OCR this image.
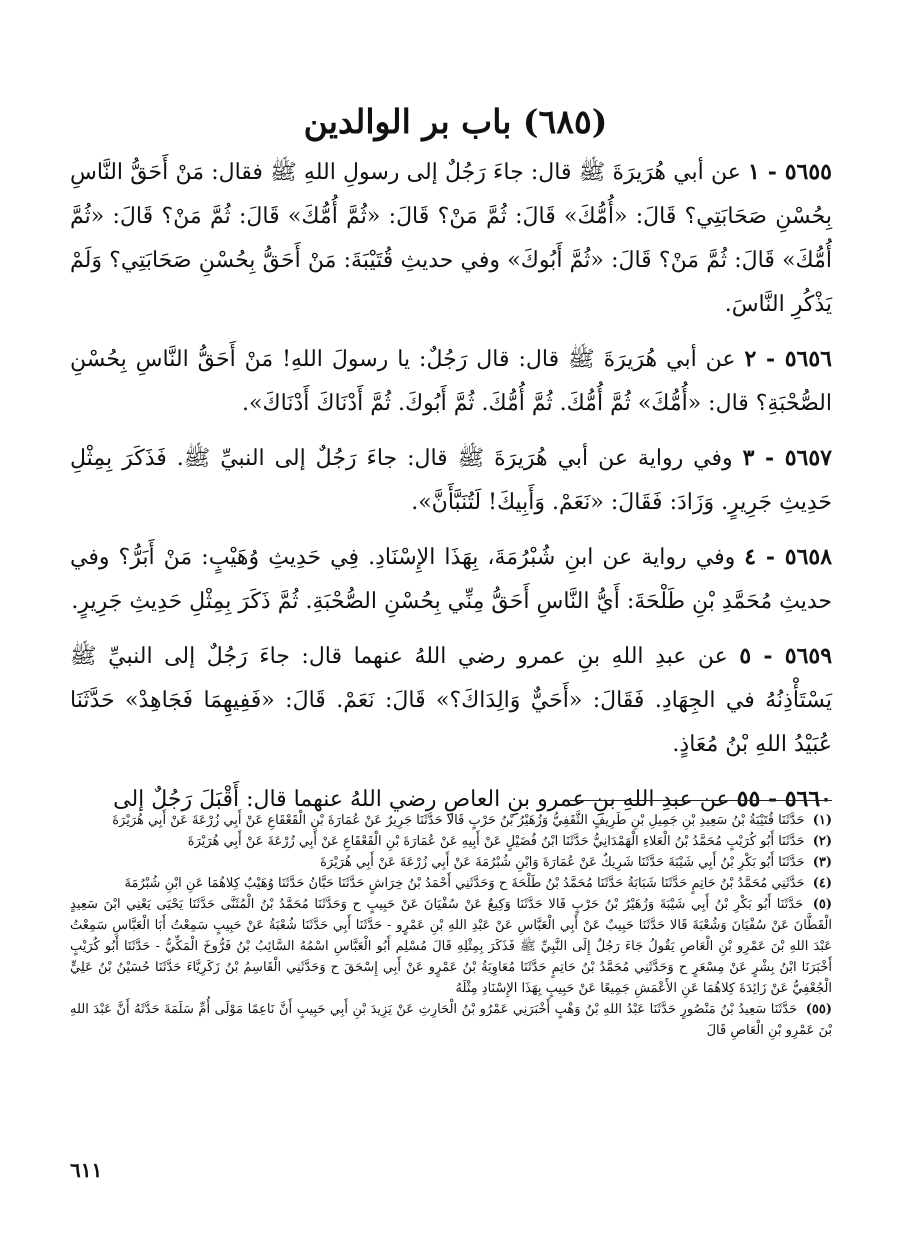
(٦٨٥) باب بر الوالدين

٥٦٥٥ - ١ عن أبي هُرَيرَةَ ﷺ قال: جاءَ رَجُلٌ إلى رسولِ اللهِ ﷺ فقال: مَنْ أَحَقُّ النَّاسِ بِحُسْنِ صَحَابَتِي؟ قَالَ: «أُمُّكَ» قَالَ: ثُمَّ مَنْ؟ قَالَ: «ثُمَّ أُمُّكَ» قَالَ: ثُمَّ مَنْ؟ قَالَ: «ثُمَّ أُمُّكَ» قَالَ: ثُمَّ مَنْ؟ قَالَ: «ثُمَّ أَبُوكَ» وفي حديثِ قُتَيْبَةَ: مَنْ أَحَقُّ بِحُسْنِ صَحَابَتِي؟ وَلَمْ يَذْكُرِ النَّاسَ.

٥٦٥٦ - ٢ عن أبي هُرَيرَةَ ﷺ قال: قال رَجُلٌ: يا رسولَ اللهِ! مَنْ أَحَقُّ النَّاسِ بِحُسْنِ الصُّحْبَةِ؟ قال: «أُمُّكَ» ثُمَّ أُمُّكَ. ثُمَّ أُمُّكَ. ثُمَّ أَبُوكَ. ثُمَّ أَدْنَاكَ أَدْنَاكَ».

٥٦٥٧ - ٣ وفي رواية عن أبي هُرَيرَةَ ﷺ قال: جاءَ رَجُلٌ إلى النبيِّ ﷺ. فَذَكَرَ بِمِثْلِ حَدِيثِ جَرِيرٍ. وَزَادَ: فَقَالَ: «نَعَمْ. وَأَبِيكَ! لَتُنَبَّأَنَّ».

٥٦٥٨ - ٤ وفي رواية عن ابنِ شُبْرُمَةَ، بِهَذَا الإِسْنَادِ. فِي حَدِيثِ وُهَيْبٍ: مَنْ أَبَرُّ؟ وفي حديثِ مُحَمَّدِ بْنِ طَلْحَةَ: أَيُّ النَّاسِ أَحَقُّ مِنِّي بِحُسْنِ الصُّحْبَةِ. ثُمَّ ذَكَرَ بِمِثْلِ حَدِيثِ جَرِيرٍ.

٥٦٥٩ - ٥ عن عبدِ اللهِ بنِ عمرو رضي اللهُ عنهما قال: جاءَ رَجُلٌ إلى النبيِّ ﷺ يَسْتَأْذِنُهُ في الجِهَادِ. فَقَالَ: «أَحَيٌّ وَالِدَاكَ؟» قَالَ: نَعَمْ. قَالَ: «فَفِيهِمَا فَجَاهِدْ» حَدَّثَنَا عُبَيْدُ اللهِ بْنُ مُعَاذٍ.

٥٦٦٠ - ٥٥ عن عبدِ اللهِ بنِ عمرو بنِ العاصِ رضي اللهُ عنهما قال: أَقْبَلَ رَجُلٌ إلى

(١) حَدَّثَنَا قُتَيْبَةُ بْنُ سَعِيدِ بْنِ جَمِيلِ بْنِ طَرِيفٍ الثَّقَفِيُّ وَزُهَيْرُ بْنُ حَرْبٍ قَالا حَدَّثَنَا جَرِيرٌ عَنْ عُمَارَةَ بْنِ الْقَعْقَاعِ عَنْ أَبِي زُرْعَةَ عَنْ أَبِي هُرَيْرَةَ

(٢) حَدَّثَنَا أَبُو كُرَيْبٍ مُحَمَّدُ بْنُ الْعَلاءِ الْهَمْدَانِيُّ حَدَّثَنَا ابْنُ فُضَيْلٍ عَنْ أَبِيهِ عَنْ عُمَارَةَ بْنِ الْقَعْقَاعِ عَنْ أَبِي زُرْعَةَ عَنْ أَبِي هُرَيْرَةَ

(٣) حَدَّثَنَا أَبُو بَكْرِ بْنُ أَبِي شَيْبَةَ حَدَّثَنَا شَرِيكٌ عَنْ عُمَارَةَ وَابْنِ شُبْرُمَةَ عَنْ أَبِي زُرْعَةَ عَنْ أَبِي هُرَيْرَةَ

(٤) حَدَّثَنِي مُحَمَّدُ بْنُ حَاتِمٍ حَدَّثَنَا شَبَابَةُ حَدَّثَنَا مُحَمَّدُ بْنُ طَلْحَةَ ح وَحَدَّثَنِي أَحْمَدُ بْنُ خِرَاشٍ حَدَّثَنَا حَبَّانُ حَدَّثَنَا وُهَيْبٌ كِلاهُمَا عَنِ ابْنِ شُبْرُمَةَ

(٥) حَدَّثَنَا أَبُو بَكْرِ بْنُ أَبِي شَيْبَةَ وَزُهَيْرُ بْنُ حَرْبٍ قَالا حَدَّثَنَا وَكِيعٌ عَنْ سُفْيَانَ عَنْ حَبِيبٍ ح وَحَدَّثَنَا مُحَمَّدُ بْنُ الْمُثَنَّى حَدَّثَنَا يَحْيَى يَعْنِي ابْنَ سَعِيدٍ الْقَطَّانَ عَنْ سُفْيَانَ وَشُعْبَةَ قَالا حَدَّثَنَا حَبِيبٌ عَنْ أَبِي الْعَبَّاسِ عَنْ عَبْدِ اللهِ بْنِ عَمْرٍو - حَدَّثَنَا أَبِي حَدَّثَنَا شُعْبَةُ عَنْ حَبِيبٍ سَمِعْتُ أَبَا الْعَبَّاسِ سَمِعْتُ عَبْدَ اللهِ بْنَ عَمْرِو بْنِ الْعَاصِ يَقُولُ جَاءَ رَجُلٌ إِلَى النَّبِيِّ ﷺ فَذَكَرَ بِمِثْلِهِ قَالَ مُسْلِم أَبُو الْعَبَّاسِ اسْمُهُ السَّائِبُ بْنُ فَرُّوخَ الْمَكِّيُّ - حَدَّثَنَا أَبُو كُرَيْبٍ أَخْبَرَنَا ابْنُ بِشْرٍ عَنْ مِسْعَرٍ ح وَحَدَّثَنِي مُحَمَّدُ بْنُ حَاتِمٍ حَدَّثَنَا مُعَاوِيَةُ بْنُ عَمْرٍو عَنْ أَبِي إِسْحَقَ ح وَحَدَّثَنِي الْقَاسِمُ بْنُ زَكَرِيَّاءَ حَدَّثَنَا حُسَيْنُ بْنُ عَلِيٍّ الْجُعْفِيُّ عَنْ زَائِدَةَ كِلاهُمَا عَنِ الأَعْمَشِ جَمِيعًا عَنْ حَبِيبٍ بِهَذَا الإِسْنَادِ مِثْلَهُ

(٥٥) حَدَّثَنَا سَعِيدُ بْنُ مَنْصُورٍ حَدَّثَنَا عَبْدُ اللهِ بْنُ وَهْبٍ أَخْبَرَنِي عَمْرُو بْنُ الْحَارِثِ عَنْ يَزِيدَ بْنِ أَبِي حَبِيبٍ أَنَّ نَاعِمًا مَوْلَى أُمِّ سَلَمَةَ حَدَّثَهُ أَنَّ عَبْدَ اللهِ بْنَ عَمْرِو بْنِ الْعَاصِ قَالَ

٦١١
